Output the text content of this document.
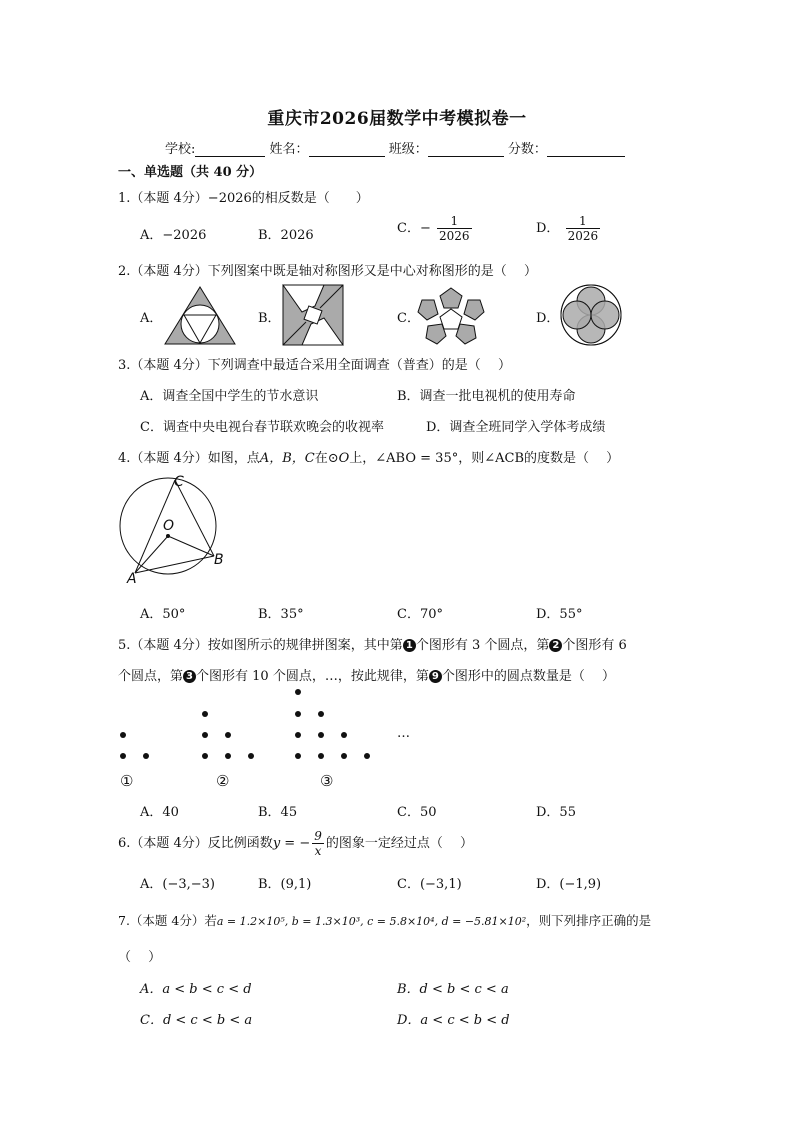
重庆市2026届数学中考模拟卷一
学校:	姓名：	班级：	分数：
一、单选题（共 40 分）
1.（本题 4分）−2026的相反数是（　　）
A．−2026	B．2026	C．− $\frac{1}{2026}$	D． $\frac{1}{2026}$
2.（本题 4分）下列图案中既是轴对称图形又是中心对称图形的是（　 ）
A．	B．	C．	D．
3.（本题 4分）下列调查中最适合采用全面调查（普查）的是（　 ）
A．调查全国中学生的节水意识	B．调查一批电视机的使用寿命
C．调查中央电视台春节联欢晚会的收视率	D．调查全班同学入学体考成绩
4.（本题 4分）如图，点A，B，C在⊙O上，∠ABO = 35°，则∠ACB的度数是（　 ）
C
O
B
A
A．50°	B．35°	C．70°	D．55°
5.（本题 4分）按如图所示的规律拼图案，其中第 1 个图形有 3 个圆点，第 2 个图形有 6
个圆点，第 3 个图形有 10 个圆点，…，按此规律，第 9 个图形中的圆点数量是（　 ）
…
①	②	③
A．40	B．45	C．50	D．55
6.（本题 4分）反比例函数y = − $\frac{9}{x}$ 的图象一定经过点（　 ）
A．(−3,−3)	B．(9,1)	C．(−3,1)	D．(−1,9)
7.（本题 4分）若a = 1.2×10⁵, b = 1.3×10³, c = 5.8×10⁴, d = −5.81×10²，则下列排序正确的是
（　 ）
A．a < b < c < d	B．d < b < c < a
C．d < c < b < a	D．a < c < b < d
